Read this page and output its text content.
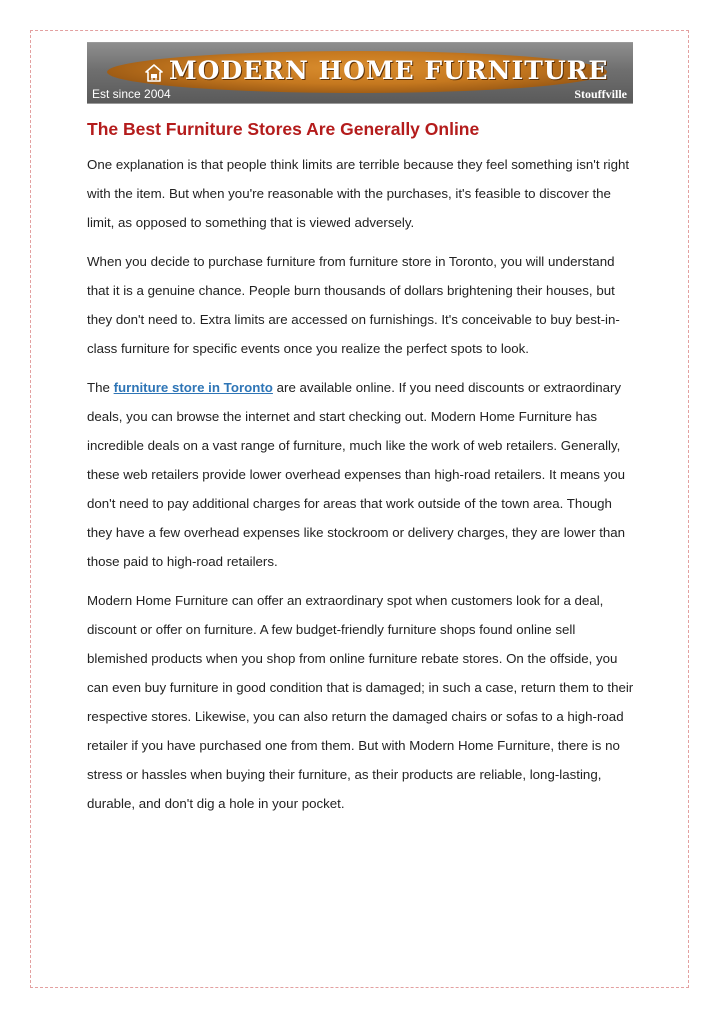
MODERN HOME FURNITURE
Est since 2004	Stouffville
The Best Furniture Stores Are Generally Online

One explanation is that people think limits are terrible because they feel something isn't right with the item. But when you're reasonable with the purchases, it's feasible to discover the limit, as opposed to something that is viewed adversely.

When you decide to purchase furniture from furniture store in Toronto, you will understand that it is a genuine chance. People burn thousands of dollars brightening their houses, but they don't need to. Extra limits are accessed on furnishings. It's conceivable to buy best-in-class furniture for specific events once you realize the perfect spots to look.

The furniture store in Toronto are available online. If you need discounts or extraordinary deals, you can browse the internet and start checking out. Modern Home Furniture has incredible deals on a vast range of furniture, much like the work of web retailers. Generally, these web retailers provide lower overhead expenses than high-road retailers. It means you don't need to pay additional charges for areas that work outside of the town area. Though they have a few overhead expenses like stockroom or delivery charges, they are lower than those paid to high-road retailers.

Modern Home Furniture can offer an extraordinary spot when customers look for a deal, discount or offer on furniture. A few budget-friendly furniture shops found online sell blemished products when you shop from online furniture rebate stores. On the offside, you can even buy furniture in good condition that is damaged; in such a case, return them to their respective stores. Likewise, you can also return the damaged chairs or sofas to a high-road retailer if you have purchased one from them. But with Modern Home Furniture, there is no stress or hassles when buying their furniture, as their products are reliable, long-lasting, durable, and don't dig a hole in your pocket.
